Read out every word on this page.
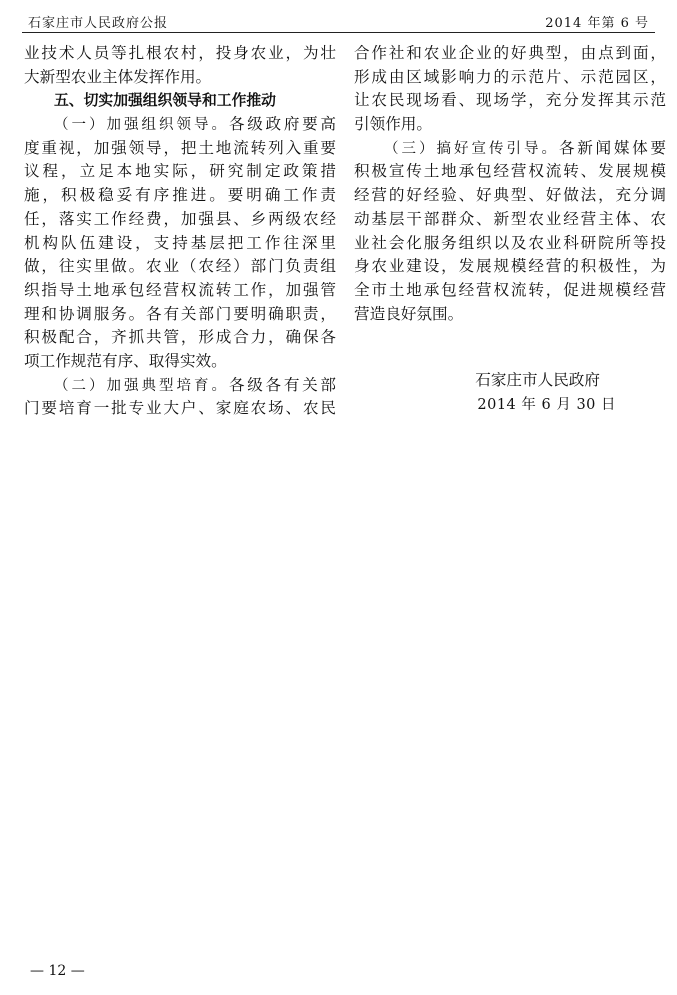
石家庄市人民政府公报	2014 年第 6 号
业技术人员等扎根农村，投身农业，为壮
大新型农业主体发挥作用。
五、切实加强组织领导和工作推动
（一）加强组织领导。各级政府要高
度重视，加强领导，把土地流转列入重要
议程，立足本地实际，研究制定政策措
施，积极稳妥有序推进。要明确工作责
任，落实工作经费，加强县、乡两级农经
机构队伍建设，支持基层把工作往深里
做，往实里做。农业（农经）部门负责组
织指导土地承包经营权流转工作，加强管
理和协调服务。各有关部门要明确职责，
积极配合，齐抓共管，形成合力，确保各
项工作规范有序、取得实效。
（二）加强典型培育。各级各有关部
门要培育一批专业大户、家庭农场、农民
合作社和农业企业的好典型，由点到面，
形成由区域影响力的示范片、示范园区，
让农民现场看、现场学，充分发挥其示范
引领作用。
（三）搞好宣传引导。各新闻媒体要
积极宣传土地承包经营权流转、发展规模
经营的好经验、好典型、好做法，充分调
动基层干部群众、新型农业经营主体、农
业社会化服务组织以及农业科研院所等投
身农业建设，发展规模经营的积极性，为
全市土地承包经营权流转，促进规模经营
营造良好氛围。
石家庄市人民政府
2014 年 6 月 30 日
— 12 —
